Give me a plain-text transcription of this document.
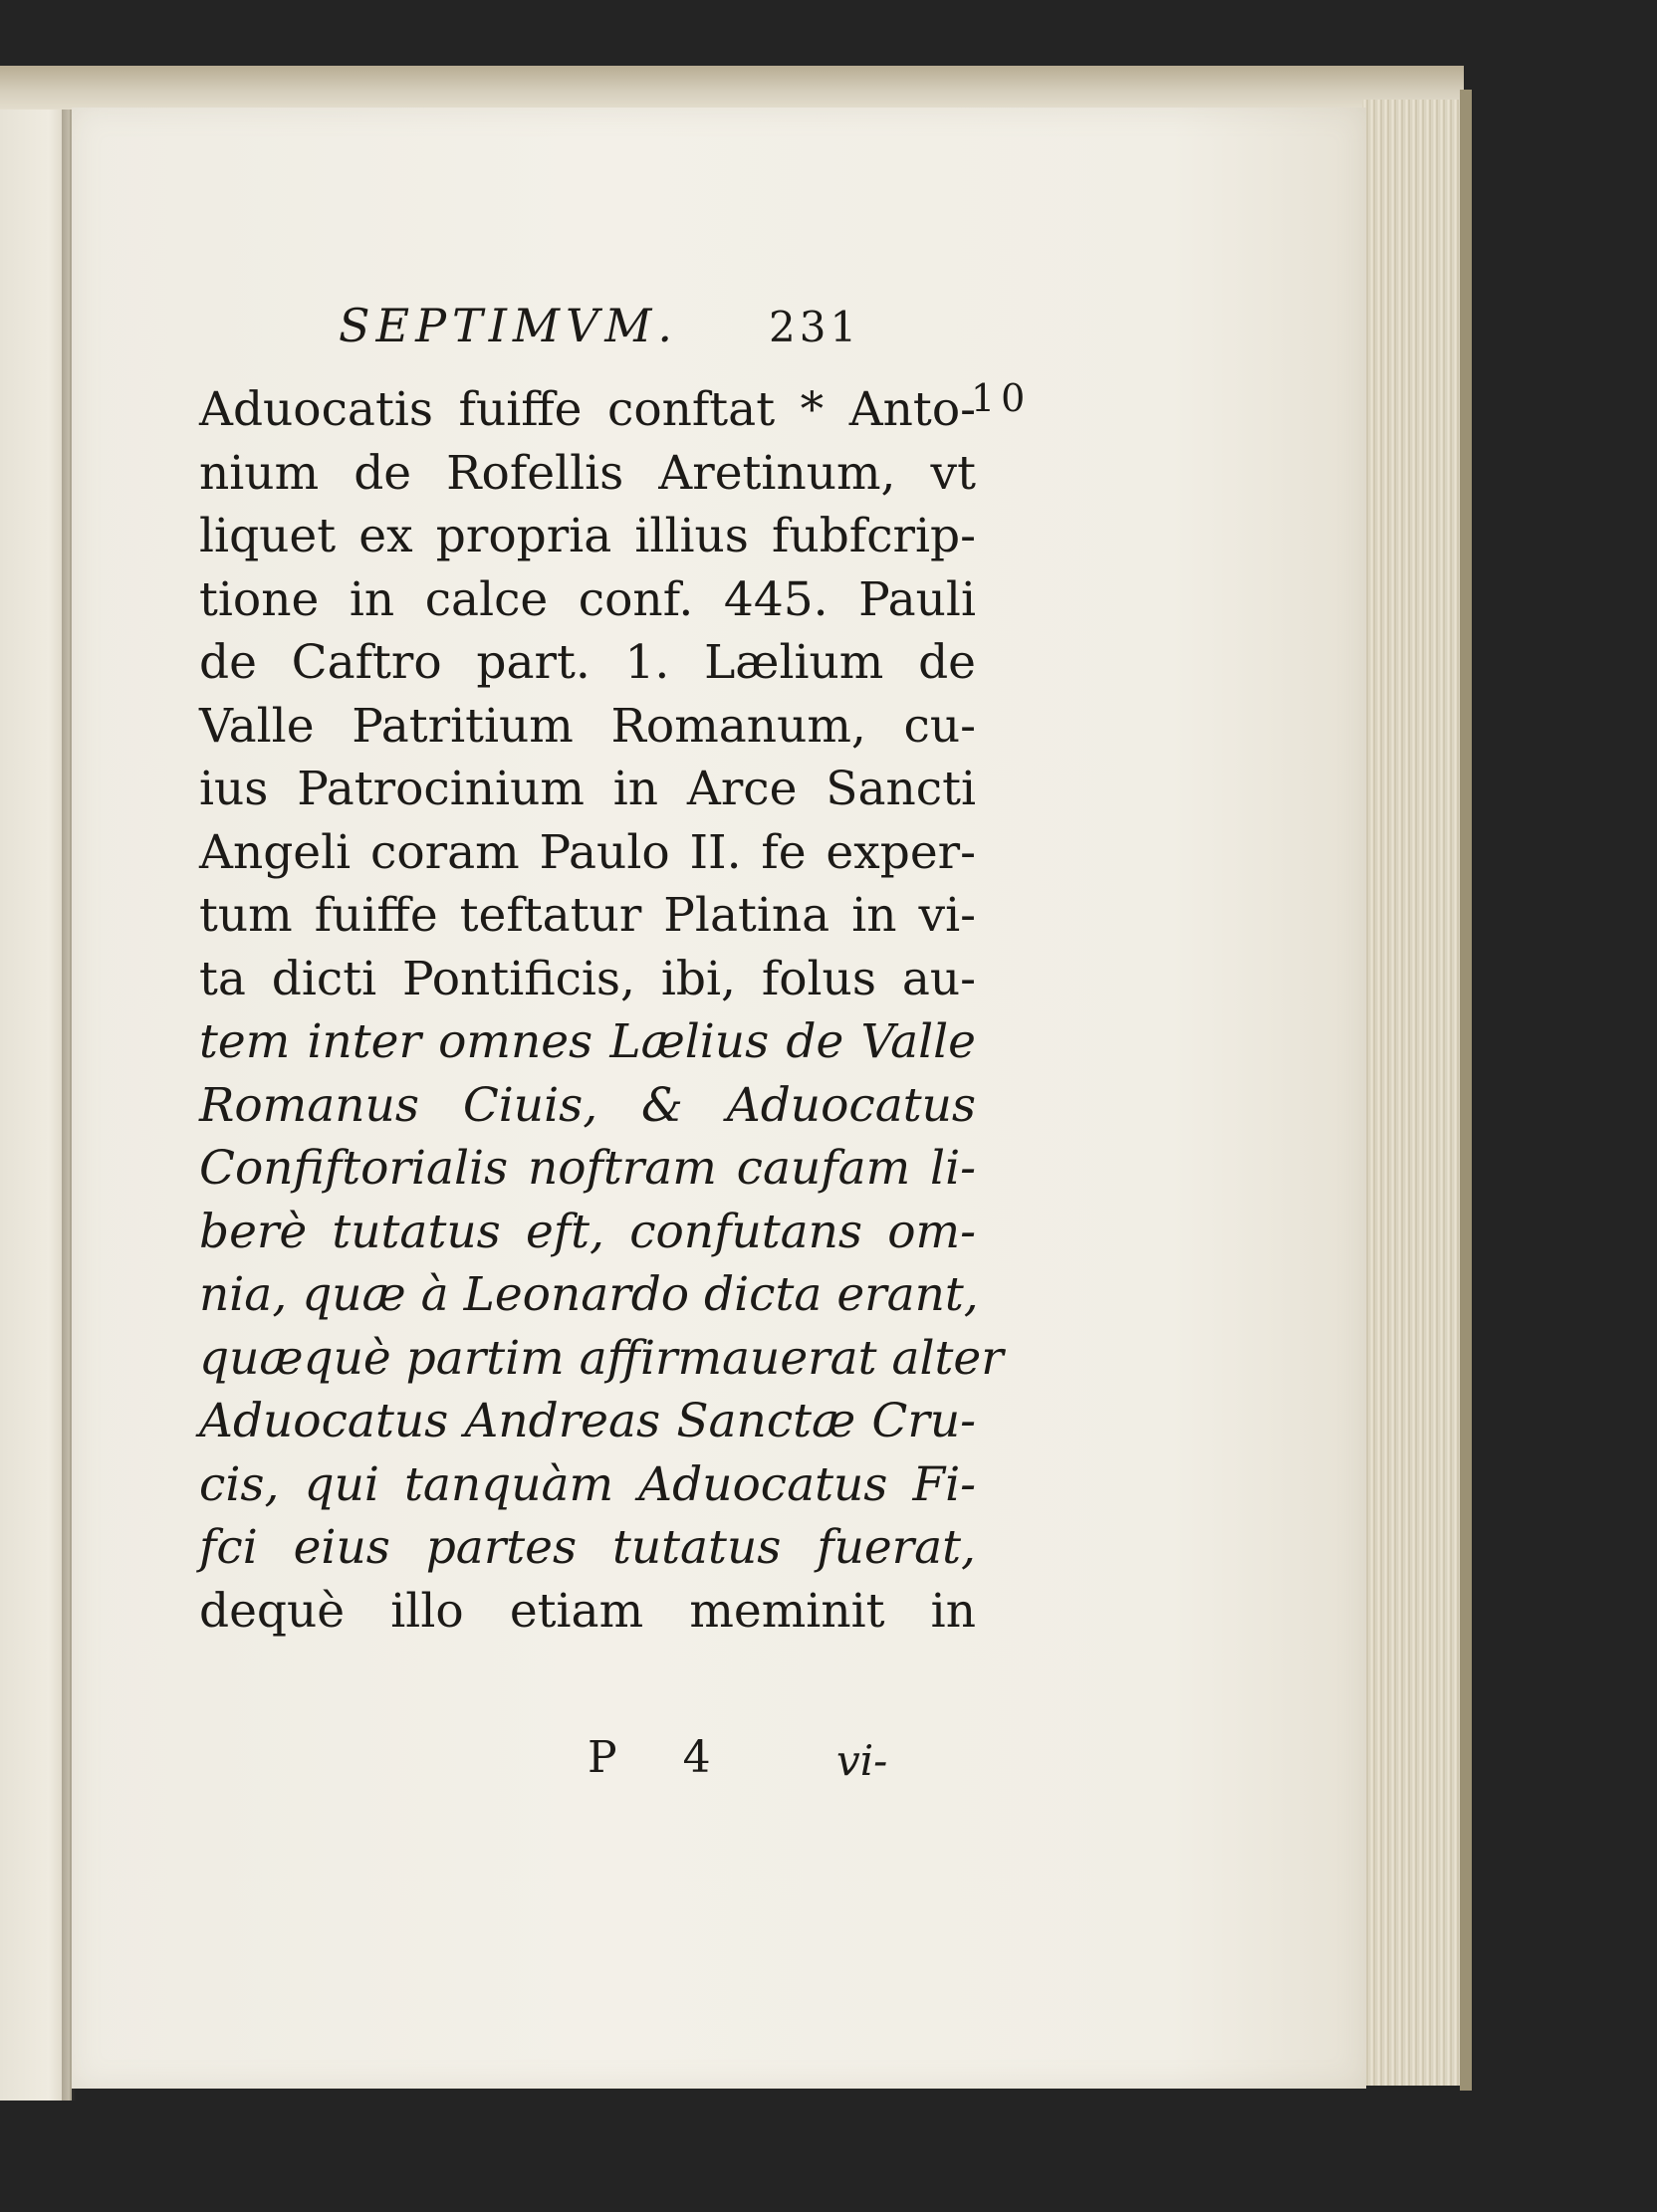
SEPTIMVM. 231
Aduocatis fuiffe conftat * Anto-
nium de Rofellis Aretinum, vt
liquet ex propria illius fubfcrip-
tione in calce conf. 445. Pauli
de Caftro part. 1. Lælium de
Valle Patritium Romanum, cu-
ius Patrocinium in Arce Sancti
Angeli coram Paulo II. fe exper-
tum fuiffe teftatur Platina in vi-
ta dicti Pontificis, ibi, folus au-
tem inter omnes Lælius de Valle
Romanus Ciuis, & Aduocatus
Confiftorialis noftram caufam li-
berè tutatus eft, confutans om-
nia, quæ à Leonardo dicta erant,
quæquè partim affirmauerat alter
Aduocatus Andreas Sanctæ Cru-
cis, qui tanquàm Aduocatus Fi-
fci eius partes tutatus fuerat,
dequè illo etiam meminit in
10
P 4 vi-
